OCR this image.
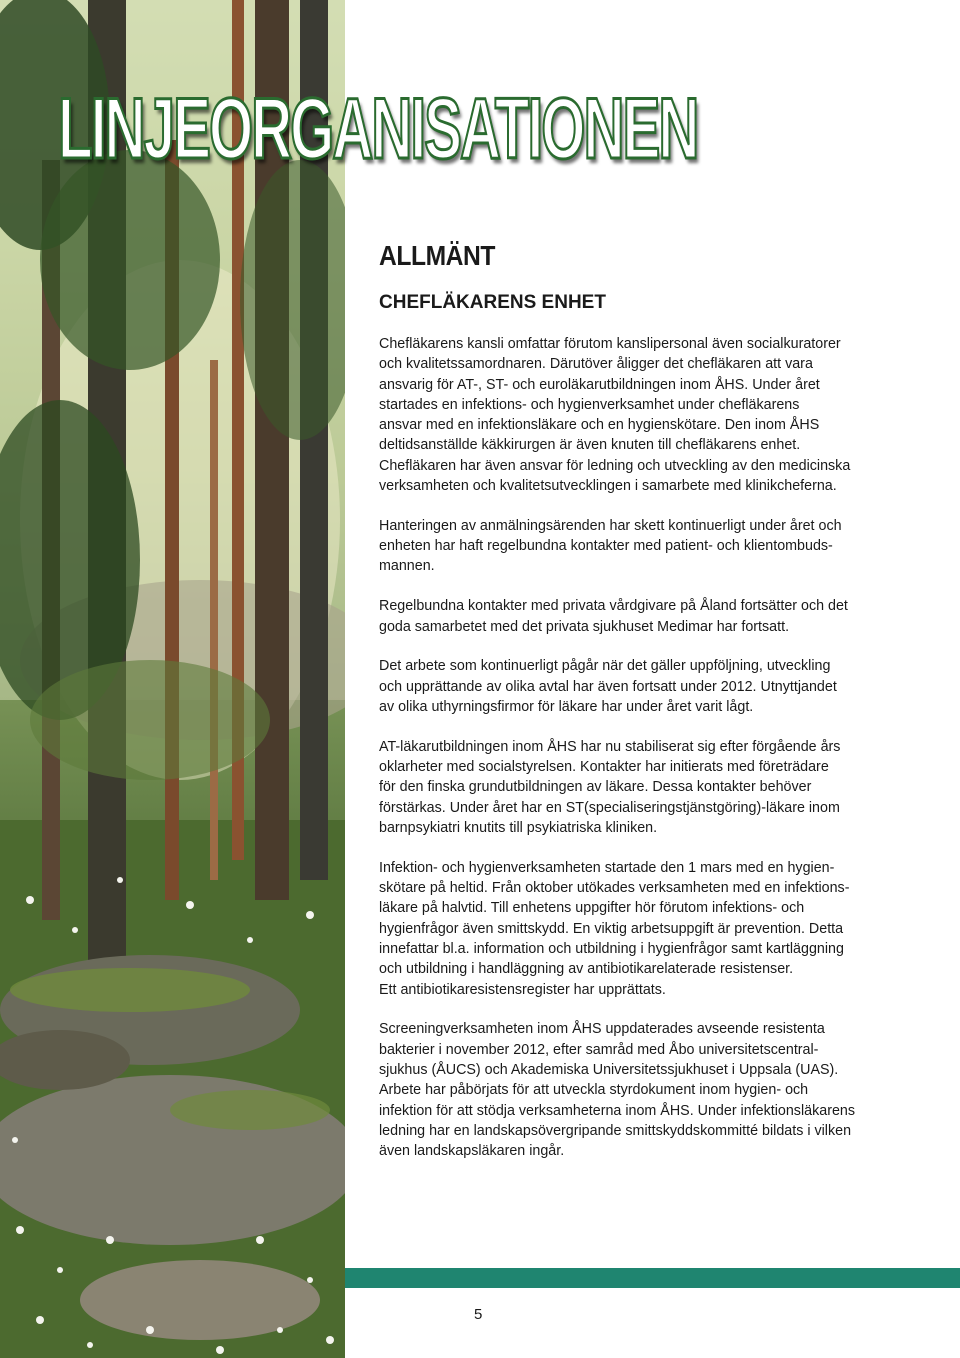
LINJEORGANISATIONEN
ALLMÄNT
CHEFLÄKARENS ENHET

Cheﬂäkarens kansli omfattar förutom kanslipersonal även socialkuratorer
och kvalitetssamordnaren. Därutöver åligger det cheﬂäkaren att vara
ansvarig för AT-, ST- och euroläkarutbildningen inom ÅHS. Under året
startades en infektions- och hygienverksamhet under cheﬂäkarens
ansvar med en infektionsläkare och en hygienskötare. Den inom ÅHS
deltidsanställde käkkirurgen är även knuten till cheﬂäkarens enhet.
Cheﬂäkaren har även ansvar för ledning och utveckling av den medicinska
verksamheten och kvalitetsutvecklingen i samarbete med klinikcheferna.

Hanteringen av anmälningsärenden har skett kontinuerligt under året och
enheten har haft regelbundna kontakter med patient- och klientombuds-
mannen.

Regelbundna kontakter med privata vårdgivare på Åland fortsätter och det
goda samarbetet med det privata sjukhuset Medimar har fortsatt.

Det arbete som kontinuerligt pågår när det gäller uppföljning, utveckling
och upprättande av olika avtal har även fortsatt under 2012. Utnyttjandet
av olika uthyrningsﬁrmor för läkare har under året varit lågt.

AT-läkarutbildningen inom ÅHS har nu stabiliserat sig efter förgående års
oklarheter med socialstyrelsen. Kontakter har initierats med företrädare
för den ﬁnska grundutbildningen av läkare. Dessa kontakter behöver
förstärkas. Under året har en ST(specialiseringstjänstgöring)-läkare inom
barnpsykiatri knutits till psykiatriska kliniken.

Infektion- och hygienverksamheten startade den 1 mars med en hygien-
skötare på heltid. Från oktober utökades verksamheten med en infektions-
läkare på halvtid. Till enhetens uppgifter hör förutom infektions- och
hygienfrågor även smittskydd. En viktig arbetsuppgift är prevention. Detta
innefattar bl.a. information och utbildning i hygienfrågor samt kartläggning
och utbildning i handläggning av antibiotikarelaterade resistenser.
Ett antibiotikaresistensregister har upprättats.

Screeningverksamheten inom ÅHS uppdaterades avseende resistenta
bakterier i november 2012, efter samråd med Åbo universitetscentral-
sjukhus (ÅUCS) och Akademiska Universitetssjukhuset i Uppsala (UAS).
Arbete har påbörjats för att utveckla styrdokument inom hygien- och
infektion för att stödja verksamheterna inom ÅHS. Under infektionsläkarens
ledning har en landskapsövergripande smittskyddskommitté bildats i vilken
även landskapsläkaren ingår.

5
